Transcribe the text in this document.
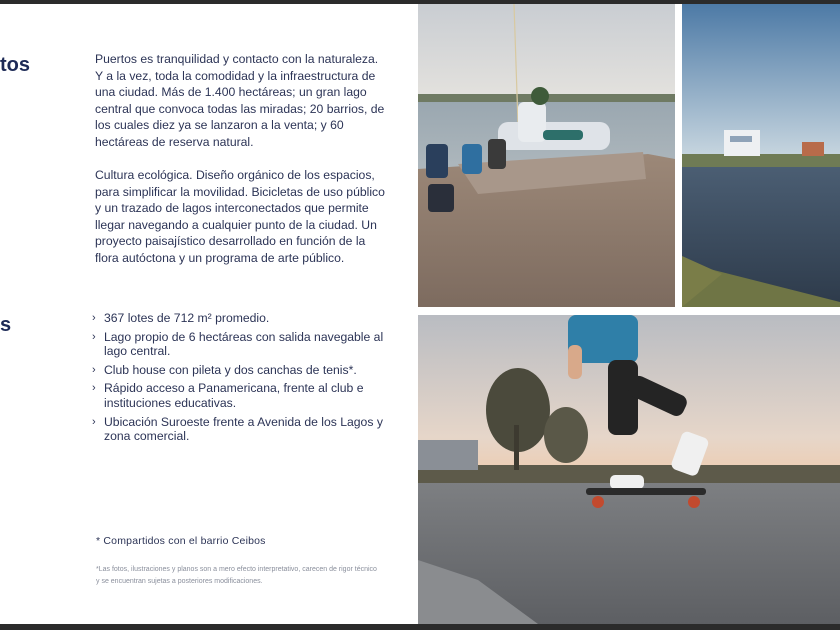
tos
s

Puertos es tranquilidad y contacto con la naturaleza. Y a la vez, toda la comodidad y la infraestructura de una ciudad. Más de 1.400 hectáreas; un gran lago central que convoca todas las miradas; 20 barrios, de los cuales diez ya se lanzaron a la venta; y 60 hectáreas de reserva natural.

Cultura ecológica. Diseño orgánico de los espacios, para simplificar la movilidad. Bicicletas de uso público y un trazado de lagos interconectados que permite llegar navegando a cualquier punto de la ciudad. Un proyecto paisajístico desarrollado en función de la flora autóctona y un programa de arte público.

› 367 lotes de 712 m² promedio.
› Lago propio de 6 hectáreas con salida navegable al lago central.
› Club house con pileta y dos canchas de tenis*.
› Rápido acceso a Panamericana, frente al club e instituciones educativas.
› Ubicación Suroeste frente a Avenida de los Lagos y zona comercial.

* Compartidos con el barrio Ceibos

*Las fotos, ilustraciones y planos son a mero efecto interpretativo, carecen de rigor técnico y se encuentran sujetas a posteriores modificaciones.
